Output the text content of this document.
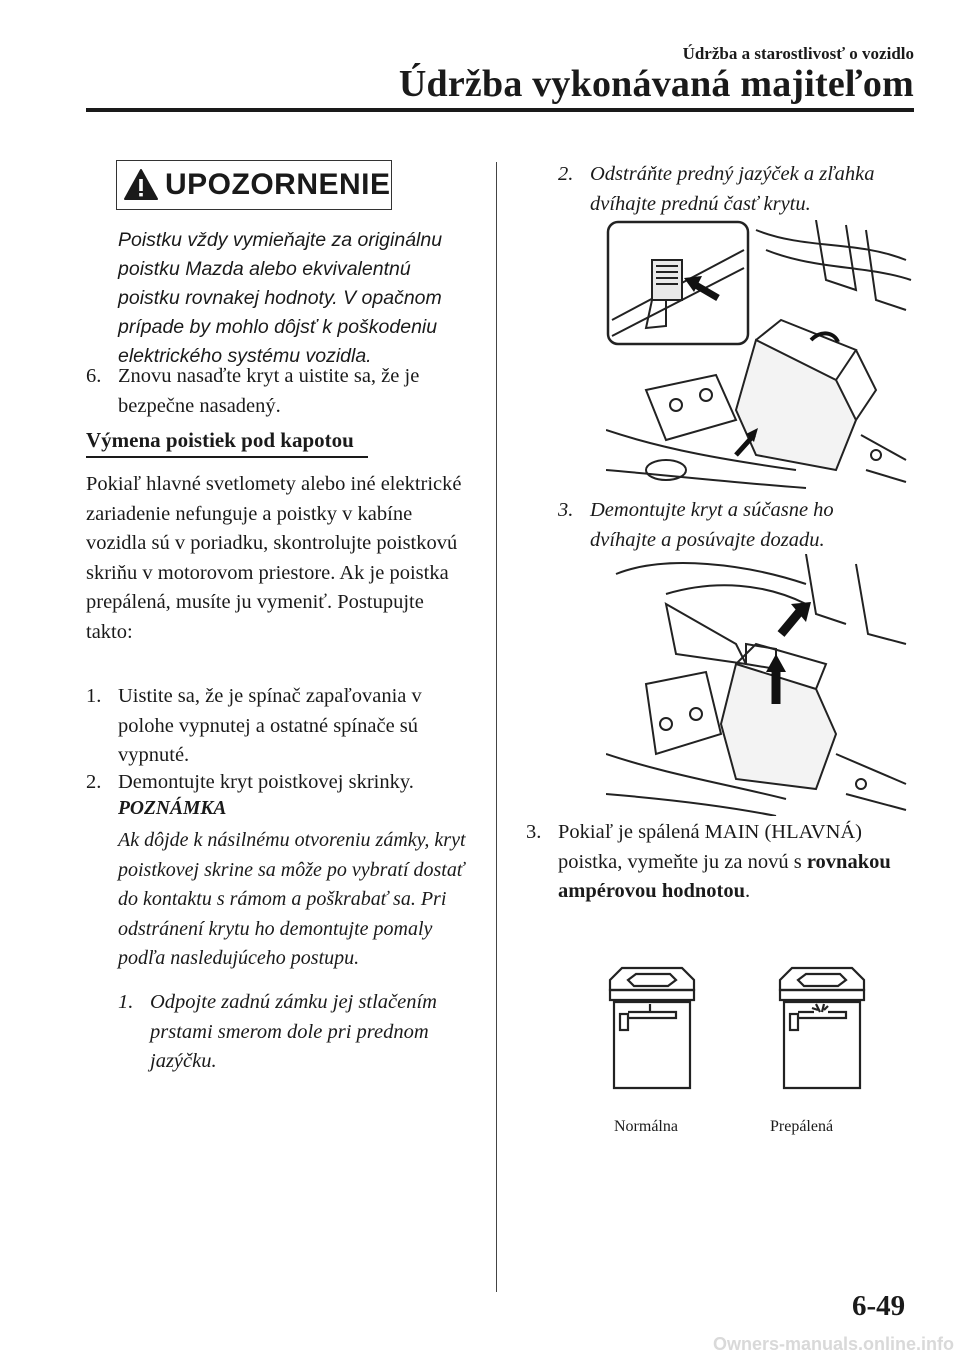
Údržba a starostlivosť o vozidlo
Údržba vykonávaná majiteľom
UPOZORNENIE
Poistku vždy vymieňajte za originálnu
poistku Mazda alebo ekvivalentnú
poistku rovnakej hodnoty. V opačnom
prípade by mohlo dôjsť k poškodeniu
elektrického systému vozidla.
6. Znovu nasaďte kryt a uistite sa, že je bezpečne nasadený.
Výmena poistiek pod kapotou
Pokiaľ hlavné svetlomety alebo iné elektrické zariadenie nefunguje a poistky v kabíne vozidla sú v poriadku, skontrolujte poistkovú skriňu v motorovom priestore. Ak je poistka prepálená, musíte ju vymeniť. Postupujte takto:
1. Uistite sa, že je spínač zapaľovania v polohe vypnutej a ostatné spínače sú vypnuté.
2. Demontujte kryt poistkovej skrinky.
POZNÁMKA
Ak dôjde k násilnému otvoreniu zámky, kryt poistkovej skrine sa môže po vybratí dostať do kontaktu s rámom a poškrabať sa. Pri odstránení krytu ho demontujte pomaly podľa nasledujúceho postupu.
1. Odpojte zadnú zámku jej stlačením prstami smerom dole pri prednom jazýčku.
2. Odstráňte predný jazýček a zľahka dvíhajte prednú časť krytu.
3. Demontujte kryt a súčasne ho dvíhajte a posúvajte dozadu.
3. Pokiaľ je spálená MAIN (HLAVNÁ) poistka, vymeňte ju za novú s rovnakou ampérovou hodnotou.
Normálna	Prepálená
6-49
Owners-manuals.online.info
